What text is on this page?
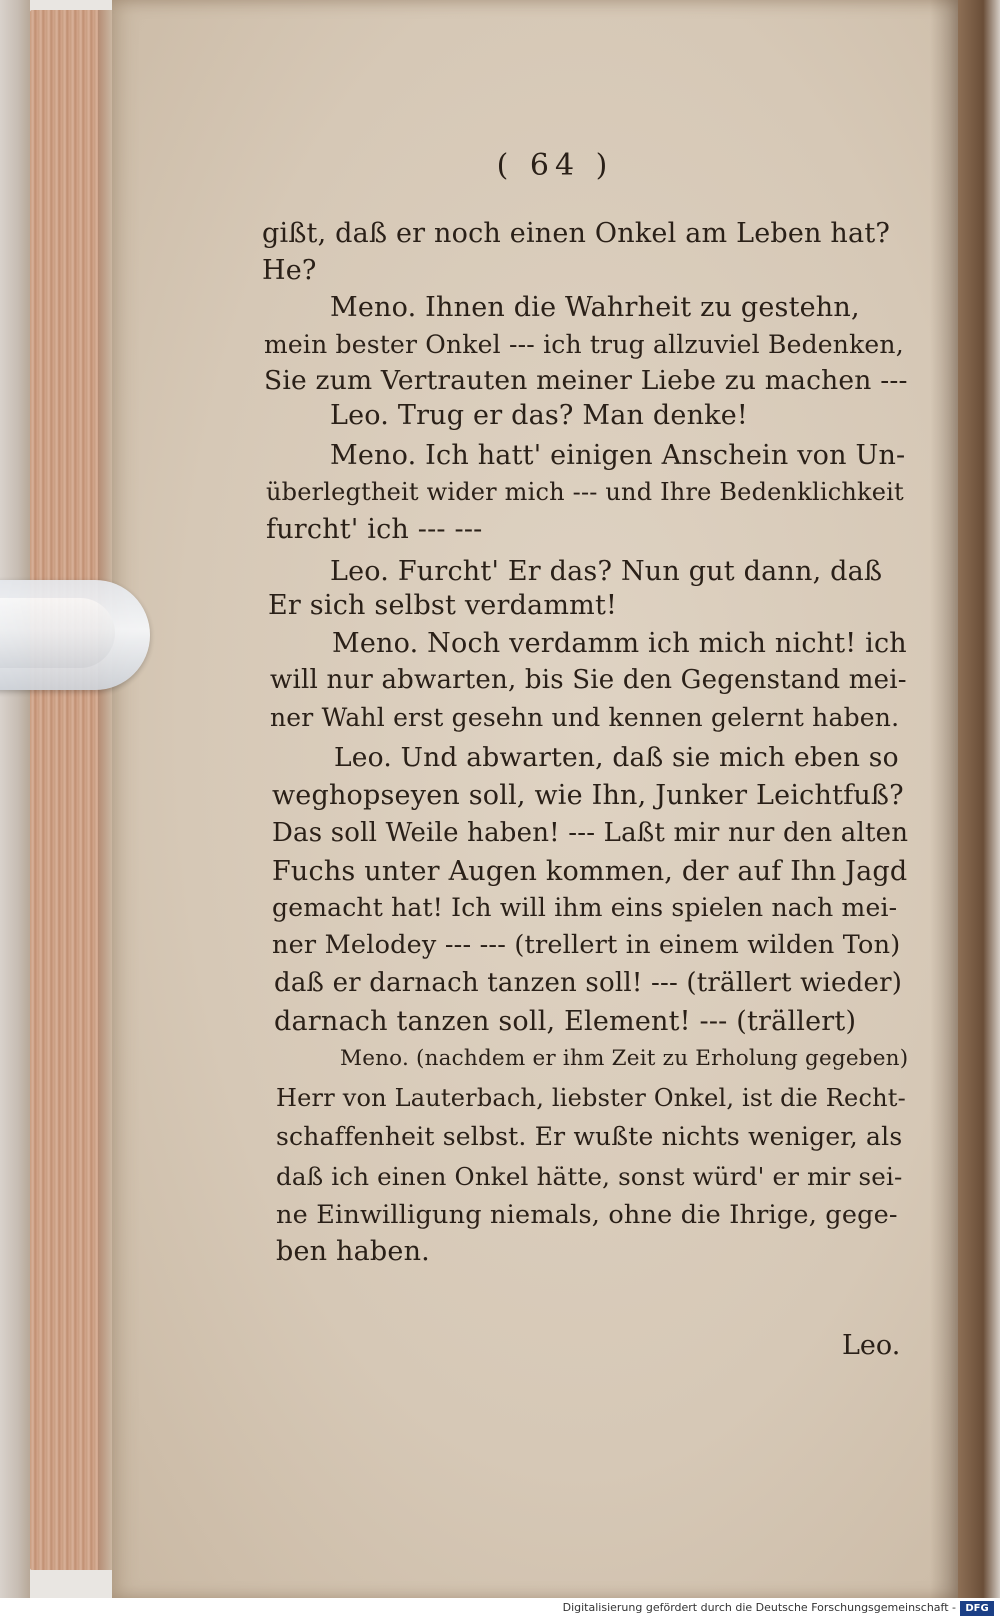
( 64 )
gißt, daß er noch einen Onkel am Leben hat?
He?
Meno. Ihnen die Wahrheit zu gestehn,
mein bester Onkel --- ich trug allzuviel Bedenken,
Sie zum Vertrauten meiner Liebe zu machen ---
Leo. Trug er das? Man denke!
Meno. Ich hatt' einigen Anschein von Un-
überlegtheit wider mich --- und Ihre Bedenklichkeit
furcht' ich --- ---
Leo. Furcht' Er das? Nun gut dann, daß
Er sich selbst verdammt!
Meno. Noch verdamm ich mich nicht! ich
will nur abwarten, bis Sie den Gegenstand mei-
ner Wahl erst gesehn und kennen gelernt haben.
Leo. Und abwarten, daß sie mich eben so
weghopseyen soll, wie Ihn, Junker Leichtfuß?
Das soll Weile haben! --- Laßt mir nur den alten
Fuchs unter Augen kommen, der auf Ihn Jagd
gemacht hat! Ich will ihm eins spielen nach mei-
ner Melodey --- --- (trellert in einem wilden Ton)
daß er darnach tanzen soll! --- (trällert wieder)
darnach tanzen soll, Element! --- (trällert)
Meno. (nachdem er ihm Zeit zu Erholung gegeben)
Herr von Lauterbach, liebster Onkel, ist die Recht-
schaffenheit selbst. Er wußte nichts weniger, als
daß ich einen Onkel hätte, sonst würd' er mir sei-
ne Einwilligung niemals, ohne die Ihrige, gege-
ben haben.
Leo.
Digitalisierung gefördert durch die Deutsche Forschungsgemeinschaft - DFG
